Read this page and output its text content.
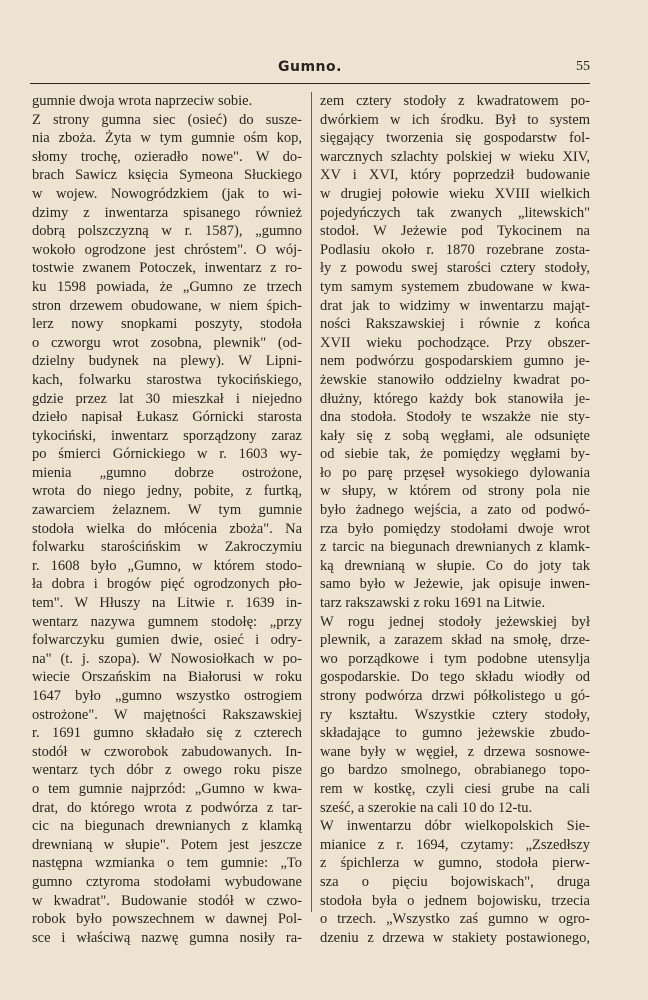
Gumno.	55
gumnie dwoja wrota naprzeciw sobie.
Z strony gumna siec (osieć) do susze-
nia zboża. Żyta w tym gumnie ośm kop,
słomy trochę, ozieradło nowe". W do-
brach Sawicz księcia Symeona Słuckiego
w wojew. Nowogródzkiem (jak to wi-
dzimy z inwentarza spisanego również
dobrą polszczyzną w r. 1587), „gumno
wokoło ogrodzone jest chróstem". O wój-
tostwie zwanem Potoczek, inwentarz z ro-
ku 1598 powiada, że „Gumno ze trzech
stron drzewem obudowane, w niem śpich-
lerz nowy snopkami poszyty, stodoła
o czworgu wrot zosobna, plewnik" (od-
dzielny budynek na plewy). W Lipni-
kach, folwarku starostwa tykocińskiego,
gdzie przez lat 30 mieszkał i niejedno
dzieło napisał Łukasz Górnicki starosta
tykociński, inwentarz sporządzony zaraz
po śmierci Górnickiego w r. 1603 wy-
mienia „gumno dobrze ostrożone,
wrota do niego jedny, pobite, z furtką,
zawarciem żelaznem. W tym gumnie
stodoła wielka do młócenia zboża". Na
folwarku starościńskim w Zakroczymiu
r. 1608 było „Gumno, w którem stodo-
ła dobra i brogów pięć ogrodzonych pło-
tem". W Hłuszy na Litwie r. 1639 in-
wentarz nazywa gumnem stodołę: „przy
folwarczyku gumien dwie, osieć i odry-
na" (t. j. szopa). W Nowosiołkach w po-
wiecie Orszańskim na Białorusi w roku
1647 było „gumno wszystko ostrogiem
ostrożone". W majętności Rakszawskiej
r. 1691 gumno składało się z czterech
stodół w czworobok zabudowanych. In-
wentarz tych dóbr z owego roku pisze
o tem gumnie najprzód: „Gumno w kwa-
drat, do którego wrota z podwórza z tar-
cic na biegunach drewnianych z klamką
drewnianą w słupie". Potem jest jeszcze
następna wzmianka o tem gumnie: „To
gumno cztyroma stodołami wybudowane
w kwadrat". Budowanie stodół w czwo-
robok było powszechnem w dawnej Pol-
sce i właściwą nazwę gumna nosiły ra-
zem cztery stodoły z kwadratowem po-
dwórkiem w ich środku. Był to system
sięgający tworzenia się gospodarstw fol-
warcznych szlachty polskiej w wieku XIV,
XV i XVI, który poprzedził budowanie
w drugiej połowie wieku XVIII wielkich
pojedyńczych tak zwanych „litewskich"
stodoł. W Jeżewie pod Tykocinem na
Podlasiu około r. 1870 rozebrane zosta-
ły z powodu swej starości cztery stodoły,
tym samym systemem zbudowane w kwa-
drat jak to widzimy w inwentarzu mająt-
ności Rakszawskiej i równie z końca
XVII wieku pochodzące. Przy obszer-
nem podwórzu gospodarskiem gumno je-
żewskie stanowiło oddzielny kwadrat po-
dłużny, którego każdy bok stanowiła je-
dna stodoła. Stodoły te wszakże nie sty-
kały się z sobą węgłami, ale odsunięte
od siebie tak, że pomiędzy węgłami by-
ło po parę przęseł wysokiego dylowania
w słupy, w którem od strony pola nie
było żadnego wejścia, a zato od podwó-
rza było pomiędzy stodołami dwoje wrot
z tarcic na biegunach drewnianych z klamk-
ką drewnianą w słupie. Co do joty tak
samo było w Jeżewie, jak opisuje inwen-
tarz rakszawski z roku 1691 na Litwie.
W rogu jednej stodoły jeżewskiej był
plewnik, a zarazem skład na smołę, drze-
wo porządkowe i tym podobne utensylja
gospodarskie. Do tego składu wiodły od
strony podwórza drzwi półkolistego u gó-
ry kształtu. Wszystkie cztery stodoły,
składające to gumno jeżewskie zbudo-
wane były w węgieł, z drzewa sosnowe-
go bardzo smolnego, obrabianego topo-
rem w kostkę, czyli ciesi grube na cali
sześć, a szerokie na cali 10 do 12-tu.
W inwentarzu dóbr wielkopolskich Sie-
mianice z r. 1694, czytamy: „Zszedłszy
z śpichlerza w gumno, stodoła pierw-
sza o pięciu bojowiskach", druga
stodoła była o jednem bojowisku, trzecia
o trzech. „Wszystko zaś gumno w ogro-
dzeniu z drzewa w stakiety postawionego,
